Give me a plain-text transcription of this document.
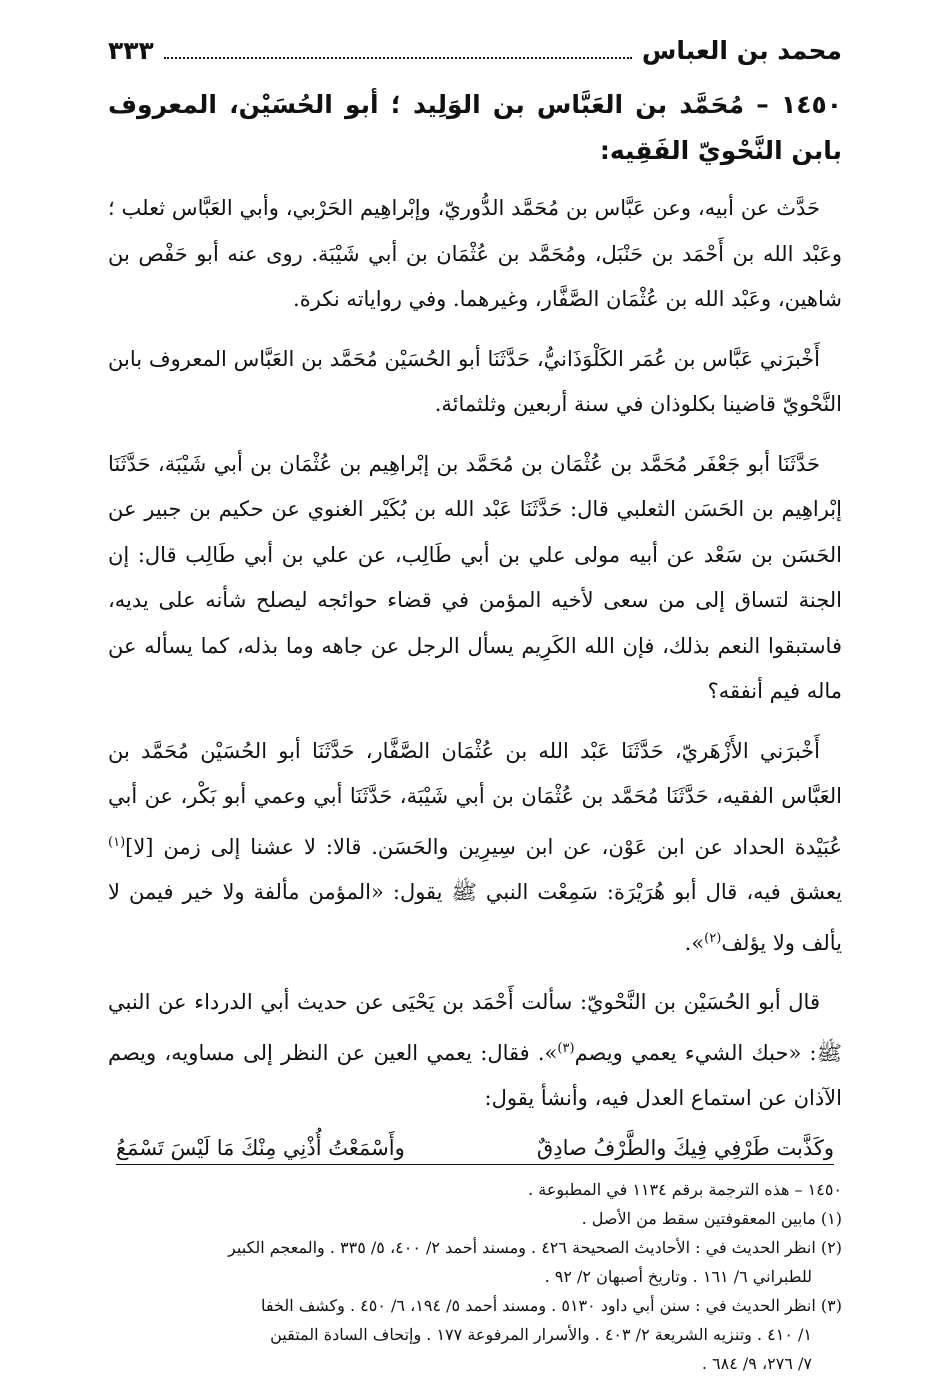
محمد بن العباس
٣٣٣
١٤٥٠ – مُحَمَّد بن العَبَّاس بن الوَلِيد ؛ أبو الحُسَيْن، المعروف بابن النَّحْويّ الفَقِيه:

حَدَّث عن أبيه، وعن عَبَّاس بن مُحَمَّد الدُّوريّ، وإبْراهِيم الحَرْبي، وأبي العَبَّاس ثعلب ؛ وعَبْد الله بن أَحْمَد بن حَنْبَل، ومُحَمَّد بن عُثْمَان بن أبي شَيْبَة. روى عنه أبو حَفْص بن شاهين، وعَبْد الله بن عُثْمَان الصَّفَّار، وغيرهما. وفي رواياته نكرة.

أَخْبرَني عَبَّاس بن عُمَر الكَلْوَذَانيُّ، حَدَّثَنَا أبو الحُسَيْن مُحَمَّد بن العَبَّاس المعروف بابن النَّحْويّ قاضينا بكلوذان في سنة أربعين وثلثمائة.

حَدَّثَنَا أبو جَعْفَر مُحَمَّد بن عُثْمَان بن مُحَمَّد بن إبْراهِيم بن عُثْمَان بن أبي شَيْبَة، حَدَّثَنَا إبْراهِيم بن الحَسَن الثعلبي قال: حَدَّثَنَا عَبْد الله بن بُكَيْر الغنوي عن حكيم بن جبير عن الحَسَن بن سَعْد عن أبيه مولى علي بن أبي طَالِب، عن علي بن أبي طَالِب قال: إن الجنة لتساق إلى من سعى لأخيه المؤمن في قضاء حوائجه ليصلح شأنه على يديه، فاستبقوا النعم بذلك، فإن الله الكَرِيم يسأل الرجل عن جاهه وما بذله، كما يسأله عن ماله فيم أنفقه؟

أَخْبرَني الأَزْهَريّ، حَدَّثَنَا عَبْد الله بن عُثْمَان الصَّفَّار، حَدَّثَنَا أبو الحُسَيْن مُحَمَّد بن العَبَّاس الفقيه، حَدَّثَنَا مُحَمَّد بن عُثْمَان بن أبي شَيْبَة، حَدَّثَنَا أبي وعمي أبو بَكْر، عن أبي عُبَيْدة الحداد عن ابن عَوْن، عن ابن سِيرِين والحَسَن. قالا: لا عشنا إلى زمن [لا]$^{(١)}$ يعشق فيه، قال أبو هُرَيْرَة: سَمِعْت النبي ﷺ يقول: «المؤمن مألفة ولا خير فيمن لا يألف ولا يؤلف$^{(٢)}$».

قال أبو الحُسَيْن بن النَّحْويّ: سألت أَحْمَد بن يَحْيَى عن حديث أبي الدرداء عن النبي ﷺ: «حبك الشيء يعمي ويصم$^{(٣)}$». فقال: يعمي العين عن النظر إلى مساويه، ويصم الآذان عن استماع العدل فيه، وأنشأ يقول:

وكَذَّبت طَرْفِي فِيكَ والطَّرْفُ صادِقٌ
وأَسْمَعْتُ أُذْنِي مِنْكَ مَا لَيْسَ تَسْمَعُ
١٤٥٠ – هذه الترجمة برقم ١١٣٤ في المطبوعة .
(١) مابين المعقوفتين سقط من الأصل .
(٢) انظر الحديث في : الأحاديث الصحيحة ٤٢٦ . ومسند أحمد ٢/ ٤٠٠، ٥/ ٣٣٥ . والمعجم الكبير
للطبراني ٦/ ١٦١ . وتاريخ أصبهان ٢/ ٩٢ .
(٣) انظر الحديث في : سنن أبي داود ٥١٣٠ . ومسند أحمد ٥/ ١٩٤، ٦/ ٤٥٠ . وكشف الخفا
١/ ٤١٠ . وتنزيه الشريعة ٢/ ٤٠٣ . والأسرار المرفوعة ١٧٧ . وإتحاف السادة المتقين
٧/ ٢٧٦، ٩/ ٦٨٤ .
